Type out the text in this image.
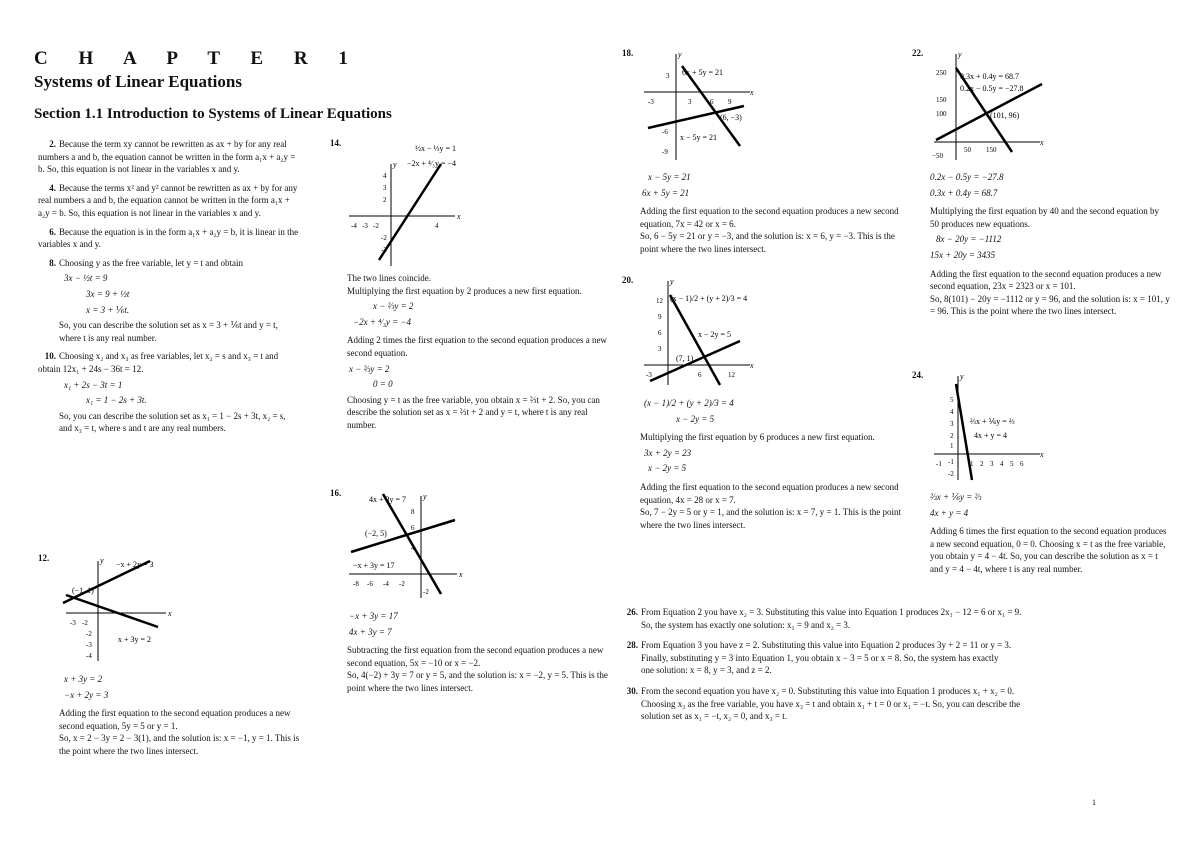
C H A P T E R 1
Systems of Linear Equations
Section 1.1 Introduction to Systems of Linear Equations

2. Because the term xy cannot be rewritten as ax + by for any real numbers a and b, the equation cannot be written in the form a₁x + a₂y = b. So, this equation is not linear in the variables x and y.

4. Because the terms x² and y² cannot be rewritten as ax + by for any real numbers a and b, the equation cannot be written in the form a₁x + a₂y = b. So, this equation is not linear in the variables x and y.

6. Because the equation is in the form a₁x + a₂y = b, it is linear in the variables x and y.

8. Choosing y as the free variable, let y = t and obtain
3x − ½t = 9
3x = 9 + ½t
x = 3 + ⅙t.
So, you can describe the solution set as x = 3 + ⅙t and y = t, where t is any real number.

10. Choosing x₂ and x₃ as free variables, let x₂ = s and x₃ = t and obtain 12x₁ + 24s − 36t = 12.
x₁ + 2s − 3t = 1
x₁ = 1 − 2s + 3t.
So, you can describe the solution set as x₁ = 1 − 2s + 3t, x₂ = s, and x₃ = t, where s and t are any real numbers.

12.
x
y −x + 2y = 3
x + 3y = 2
(−1, 1)
-3 -2
-2
-3
-4
x + 3y = 2
−x + 2y = 3
Adding the first equation to the second equation produces a new second equation, 5y = 5 or y = 1.
So, x = 2 − 3y = 2 − 3(1), and the solution is: x = −1, y = 1. This is the point where the two lines intersect.
14.
x
y
½x − ⅓y = 1
−2x + ⁴⁄₃y = −4
-4 -3 -2	4
4
3
2
-2
-3
The two lines coincide.
Multiplying the first equation by 2 produces a new first equation.
x − ⅔y = 2
−2x + ⁴⁄₃y = −4
Adding 2 times the first equation to the second equation produces a new second equation.
x − ⅔y = 2
0 = 0
Choosing y = t as the free variable, you obtain x = ⅔t + 2. So, you can describe the solution set as x = ⅔t + 2 and y = t, where t is any real number.
16.
x
y
4x + 3y = 7
−x + 3y = 17
(−2, 5)
-8 -6 -4 -2
8
6
4
-2
−x + 3y = 17
4x + 3y = 7
Subtracting the first equation from the second equation produces a new second equation, 5x = −10 or x = −2.
So, 4(−2) + 3y = 7 or y = 5, and the solution is: x = −2, y = 5. This is the point where the two lines intersect.
18.
x
y
6x + 5y = 21
x − 5y = 21
(6, −3)
-3	3	6 9
3
-6
-9
x − 5y = 21
6x + 5y = 21
Adding the first equation to the second equation produces a new second equation, 7x = 42 or x = 6.
So, 6 − 5y = 21 or y = −3, and the solution is: x = 6, y = −3. This is the point where the two lines intersect.
20.
x
y
(x − 1)/2 + (y + 2)/3 = 4
x − 2y = 5
(7, 1)
-3	6	12
12
9
6
3
(x − 1)/2 + (y + 2)/3 = 4
x − 2y = 5
Multiplying the first equation by 6 produces a new first equation.
3x + 2y = 23
x − 2y = 5
Adding the first equation to the second equation produces a new second equation, 4x = 28 or x = 7.
So, 7 − 2y = 5 or y = 1, and the solution is: x = 7, y = 1. This is the point where the two lines intersect.
22.
x
y
0.3x + 0.4y = 68.7
0.2x − 0.5y = −27.8
(101, 96)
50 150
250
150
100
−50
0.2x − 0.5y = −27.8
0.3x + 0.4y = 68.7
Multiplying the first equation by 40 and the second equation by 50 produces new equations.
8x − 20y = −1112
15x + 20y = 3435
Adding the first equation to the second equation produces a new second equation, 23x = 2323 or x = 101.
So, 8(101) − 20y = −1112 or y = 96, and the solution is: x = 101, y = 96. This is the point where the two lines intersect.
24.
x
y
⅔x + ⅙y = ⅔
4x + y = 4
-1	1 2 3 4 5 6
5
4
3
2
1
-1
-2
⅔x + ⅙y = ⅔
4x + y = 4
Adding 6 times the first equation to the second equation produces a new second equation, 0 = 0. Choosing x = t as the free variable, you obtain y = 4 − 4t. So, you can describe the solution as x = t and y = 4 − 4t, where t is any real number.

26. From Equation 2 you have x₂ = 3. Substituting this value into Equation 1 produces 2x₁ − 12 = 6 or x₁ = 9.
So, the system has exactly one solution: x₁ = 9 and x₂ = 3.

28. From Equation 3 you have z = 2. Substituting this value into Equation 2 produces 3y + 2 = 11 or y = 3.
Finally, substituting y = 3 into Equation 1, you obtain x − 3 = 5 or x = 8. So, the system has exactly
one solution: x = 8, y = 3, and z = 2.

30. From the second equation you have x₂ = 0. Substituting this value into Equation 1 produces x₁ + x₂ = 0.
Choosing x₃ as the free variable, you have x₃ = t and obtain x₁ + t = 0 or x₁ = −t. So, you can describe the
solution set as x₁ = −t, x₂ = 0, and x₃ = t.

1
